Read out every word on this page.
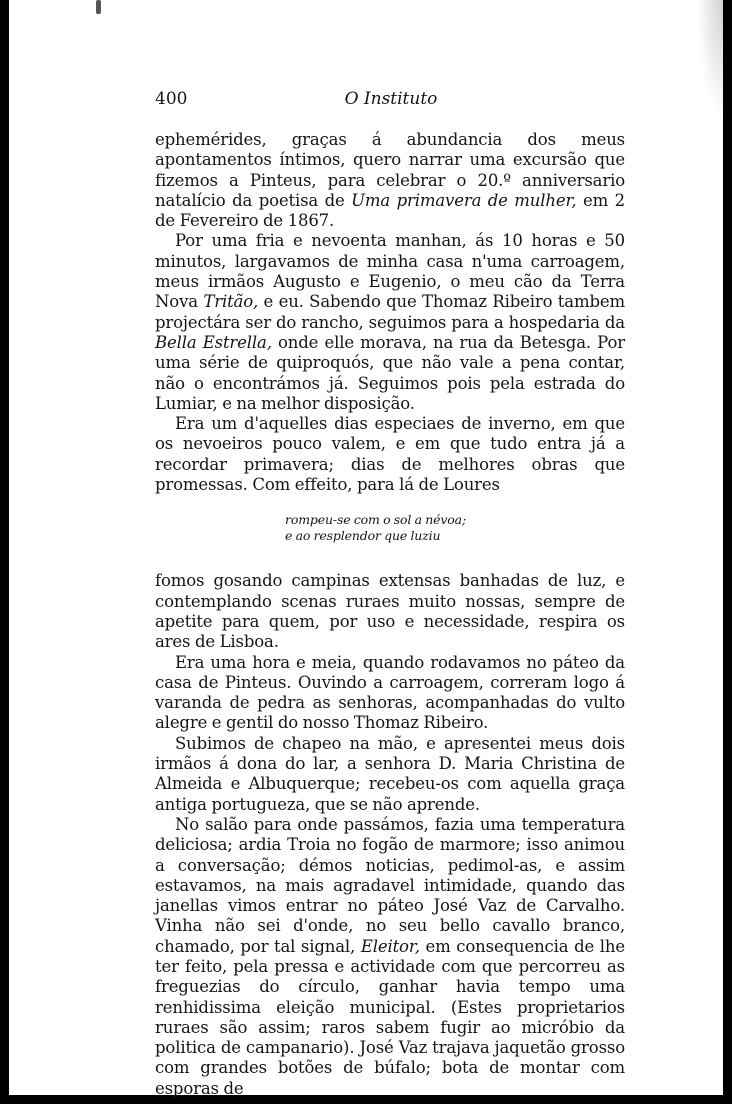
400	O Instituto

ephemérides, graças á abundancia dos meus apontamentos íntimos, quero narrar uma excursão que fizemos a Pinteus, para celebrar o 20.º anniversario natalício da poetisa de Uma primavera de mulher, em 2 de Fevereiro de 1867.

Por uma fria e nevoenta manhan, ás 10 horas e 50 minutos, largavamos de minha casa n'uma carroagem, meus irmãos Augusto e Eugenio, o meu cão da Terra Nova Tritão, e eu. Sabendo que Thomaz Ribeiro tambem projectára ser do rancho, seguimos para a hospedaria da Bella Estrella, onde elle morava, na rua da Betesga. Por uma série de quiproquós, que não vale a pena contar, não o encontrámos já. Seguimos pois pela estrada do Lumiar, e na melhor disposição.

Era um d'aquelles dias especiaes de inverno, em que os nevoeiros pouco valem, e em que tudo entra já a recordar primavera; dias de melhores obras que promessas. Com effeito, para lá de Loures

rompeu-se com o sol a névoa;
e ao resplendor que luziu

fomos gosando campinas extensas banhadas de luz, e contemplando scenas ruraes muito nossas, sempre de apetite para quem, por uso e necessidade, respira os ares de Lisboa.

Era uma hora e meia, quando rodavamos no páteo da casa de Pinteus. Ouvindo a carroagem, correram logo á varanda de pedra as senhoras, acompanhadas do vulto alegre e gentil do nosso Thomaz Ribeiro.

Subimos de chapeo na mão, e apresentei meus dois irmãos á dona do lar, a senhora D. Maria Christina de Almeida e Albuquerque; recebeu-os com aquella graça antiga portugueza, que se não aprende.

No salão para onde passámos, fazia uma temperatura deliciosa; ardia Troia no fogão de marmore; isso animou a conversação; démos noticias, pedimol-as, e assim estavamos, na mais agradavel intimidade, quando das janellas vimos entrar no páteo José Vaz de Carvalho. Vinha não sei d'onde, no seu bello cavallo branco, chamado, por tal signal, Eleitor, em consequencia de lhe ter feito, pela pressa e actividade com que percorreu as freguezias do círculo, ganhar havia tempo uma renhidissima eleição municipal. (Estes proprietarios ruraes são assim; raros sabem fugir ao micróbio da politica de campanario). José Vaz trajava jaquetão grosso com grandes botões de búfalo; bota de montar com esporas de
